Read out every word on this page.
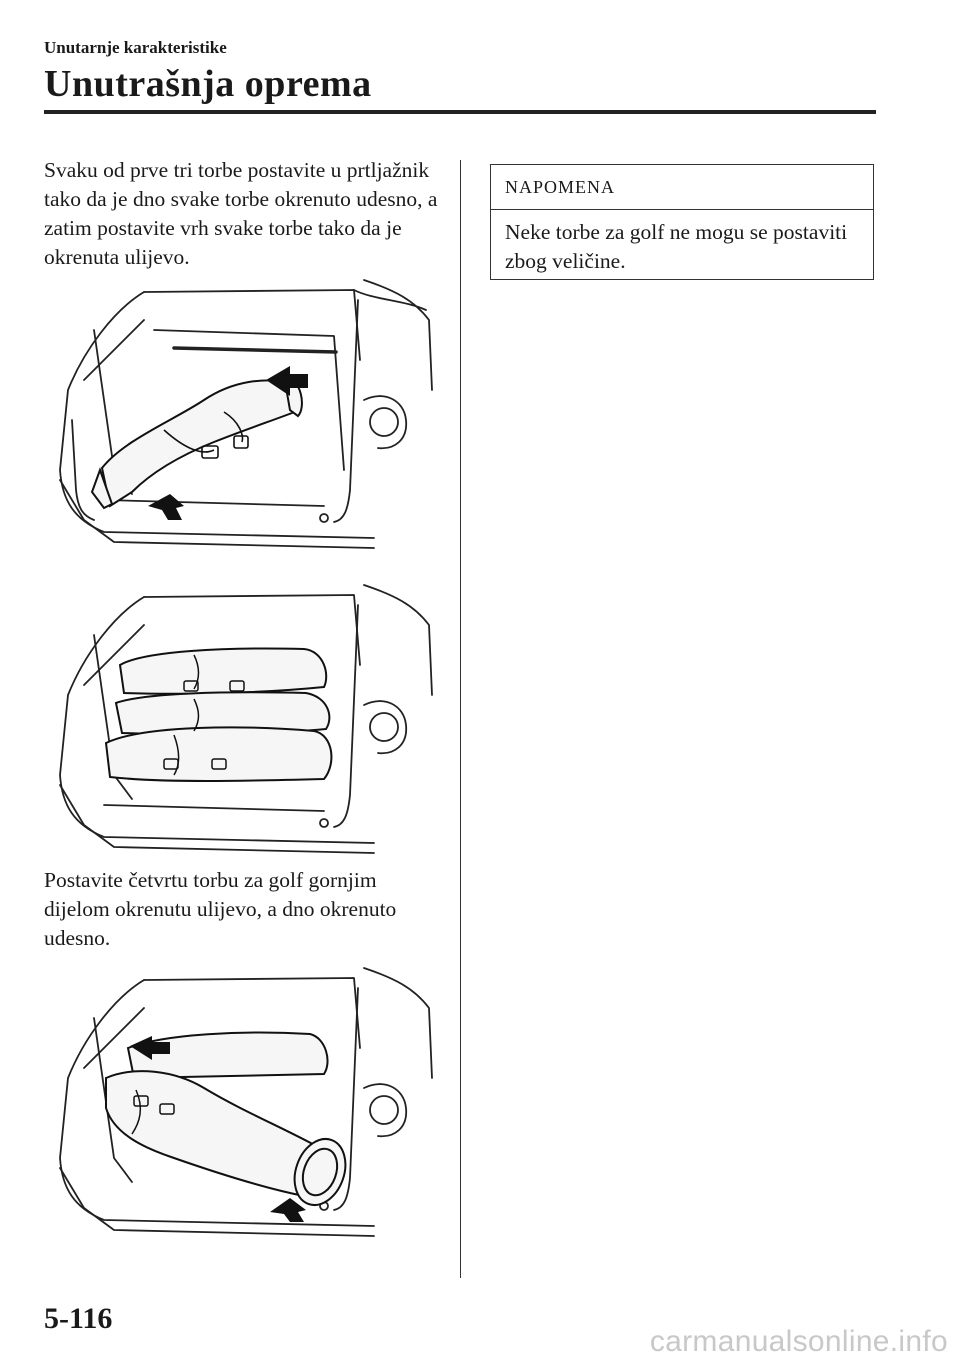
Unutarnje karakteristike
Unutrašnja oprema
Svaku od prve tri torbe postavite u prtljažnik tako da je dno svake torbe okrenuto udesno, a zatim postavite vrh svake torbe tako da je okrenuta ulijevo.
Postavite četvrtu torbu za golf gornjim dijelom okrenutu ulijevo, a dno okrenuto udesno.
NAPOMENA
Neke torbe za golf ne mogu se postaviti zbog veličine.
5-116
carmanualsonline.info
